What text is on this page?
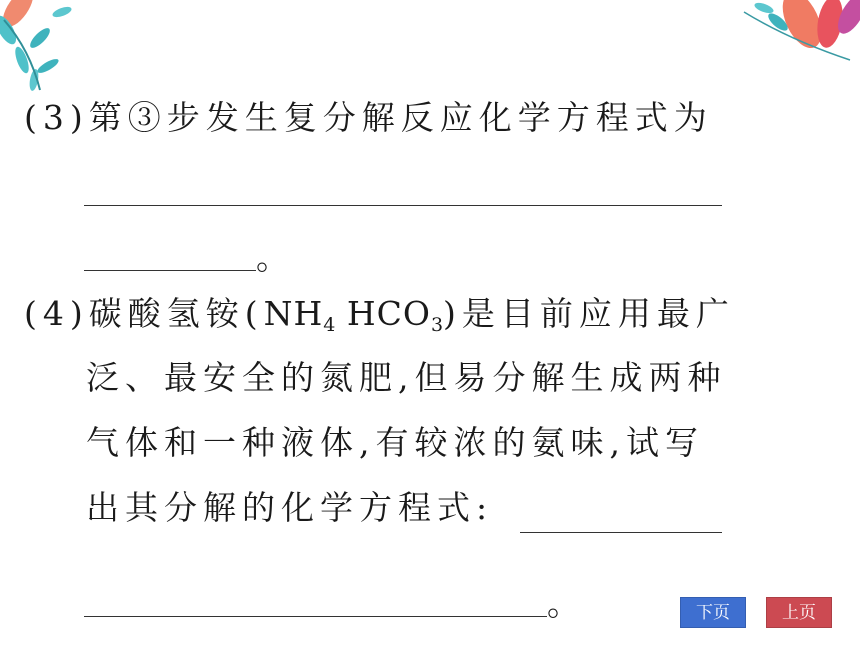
(3)第③步发生复分解反应化学方程式为
。
(4)碳酸氢铵($NH_4$ $HCO_3$)是目前应用最广
泛、最安全的氮肥,但易分解生成两种
气体和一种液体,有较浓的氨味,试写
出其分解的化学方程式:
。	下页	上页
